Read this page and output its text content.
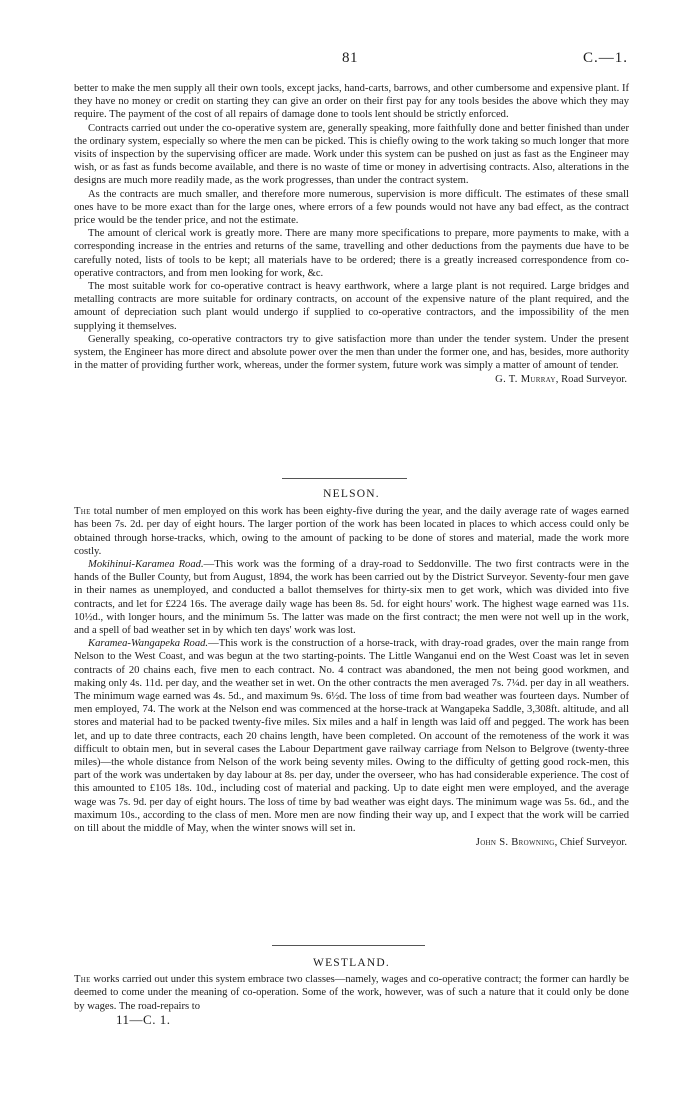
81	C.—1.

better to make the men supply all their own tools, except jacks, hand-carts, barrows, and other cumbersome and expensive plant. If they have no money or credit on starting they can give an order on their first pay for any tools besides the above which they may require. The payment of the cost of all repairs of damage done to tools lent should be strictly enforced.

Contracts carried out under the co-operative system are, generally speaking, more faithfully done and better finished than under the ordinary system, especially so where the men can be picked. This is chiefly owing to the work taking so much longer that more visits of inspection by the supervising officer are made. Work under this system can be pushed on just as fast as the Engineer may wish, or as fast as funds become available, and there is no waste of time or money in advertising contracts. Also, alterations in the designs are much more readily made, as the work progresses, than under the contract system.

As the contracts are much smaller, and therefore more numerous, supervision is more difficult. The estimates of these small ones have to be more exact than for the large ones, where errors of a few pounds would not have any bad effect, as the contract price would be the tender price, and not the estimate.

The amount of clerical work is greatly more. There are many more specifications to prepare, more payments to make, with a corresponding increase in the entries and returns of the same, travelling and other deductions from the payments due have to be carefully noted, lists of tools to be kept; all materials have to be ordered; there is a greatly increased correspondence from co-operative contractors, and from men looking for work, &c.

The most suitable work for co-operative contract is heavy earthwork, where a large plant is not required. Large bridges and metalling contracts are more suitable for ordinary contracts, on account of the expensive nature of the plant required, and the amount of depreciation such plant would undergo if supplied to co-operative contractors, and the impossibility of the men supplying it themselves.

Generally speaking, co-operative contractors try to give satisfaction more than under the tender system. Under the present system, the Engineer has more direct and absolute power over the men than under the former one, and has, besides, more authority in the matter of providing further work, whereas, under the former system, future work was simply a matter of amount of tender.

G. T. Murray, Road Surveyor.
NELSON.

The total number of men employed on this work has been eighty-five during the year, and the daily average rate of wages earned has been 7s. 2d. per day of eight hours. The larger portion of the work has been located in places to which access could only be obtained through horse-tracks, which, owing to the amount of packing to be done of stores and material, made the work more costly.

Mokihinui-Karamea Road.—This work was the forming of a dray-road to Seddonville. The two first contracts were in the hands of the Buller County, but from August, 1894, the work has been carried out by the District Surveyor. Seventy-four men gave in their names as unemployed, and conducted a ballot themselves for thirty-six men to get work, which was divided into five contracts, and let for £224 16s. The average daily wage has been 8s. 5d. for eight hours' work. The highest wage earned was 11s. 10½d., with longer hours, and the minimum 5s. The latter was made on the first contract; the men were not well up in the work, and a spell of bad weather set in by which ten days' work was lost.

Karamea-Wangapeka Road.—This work is the construction of a horse-track, with dray-road grades, over the main range from Nelson to the West Coast, and was begun at the two starting-points. The Little Wanganui end on the West Coast was let in seven contracts of 20 chains each, five men to each contract. No. 4 contract was abandoned, the men not being good workmen, and making only 4s. 11d. per day, and the weather set in wet. On the other contracts the men averaged 7s. 7¼d. per day in all weathers. The minimum wage earned was 4s. 5d., and maximum 9s. 6½d. The loss of time from bad weather was fourteen days. Number of men employed, 74. The work at the Nelson end was commenced at the horse-track at Wangapeka Saddle, 3,308ft. altitude, and all stores and material had to be packed twenty-five miles. Six miles and a half in length was laid off and pegged. The work has been let, and up to date three contracts, each 20 chains length, have been completed. On account of the remoteness of the work it was difficult to obtain men, but in several cases the Labour Department gave railway carriage from Nelson to Belgrove (twenty-three miles)—the whole distance from Nelson of the work being seventy miles. Owing to the difficulty of getting good rock-men, this part of the work was undertaken by day labour at 8s. per day, under the overseer, who has had considerable experience. The cost of this amounted to £105 18s. 10d., including cost of material and packing. Up to date eight men were employed, and the average wage was 7s. 9d. per day of eight hours. The loss of time by bad weather was eight days. The minimum wage was 5s. 6d., and the maximum 10s., according to the class of men. More men are now finding their way up, and I expect that the work will be carried on till about the middle of May, when the winter snows will set in.

John S. Browning, Chief Surveyor.
WESTLAND.

The works carried out under this system embrace two classes—namely, wages and co-operative contract; the former can hardly be deemed to come under the meaning of co-operation. Some of the work, however, was of such a nature that it could only be done by wages. The road-repairs to

11—C. 1.
